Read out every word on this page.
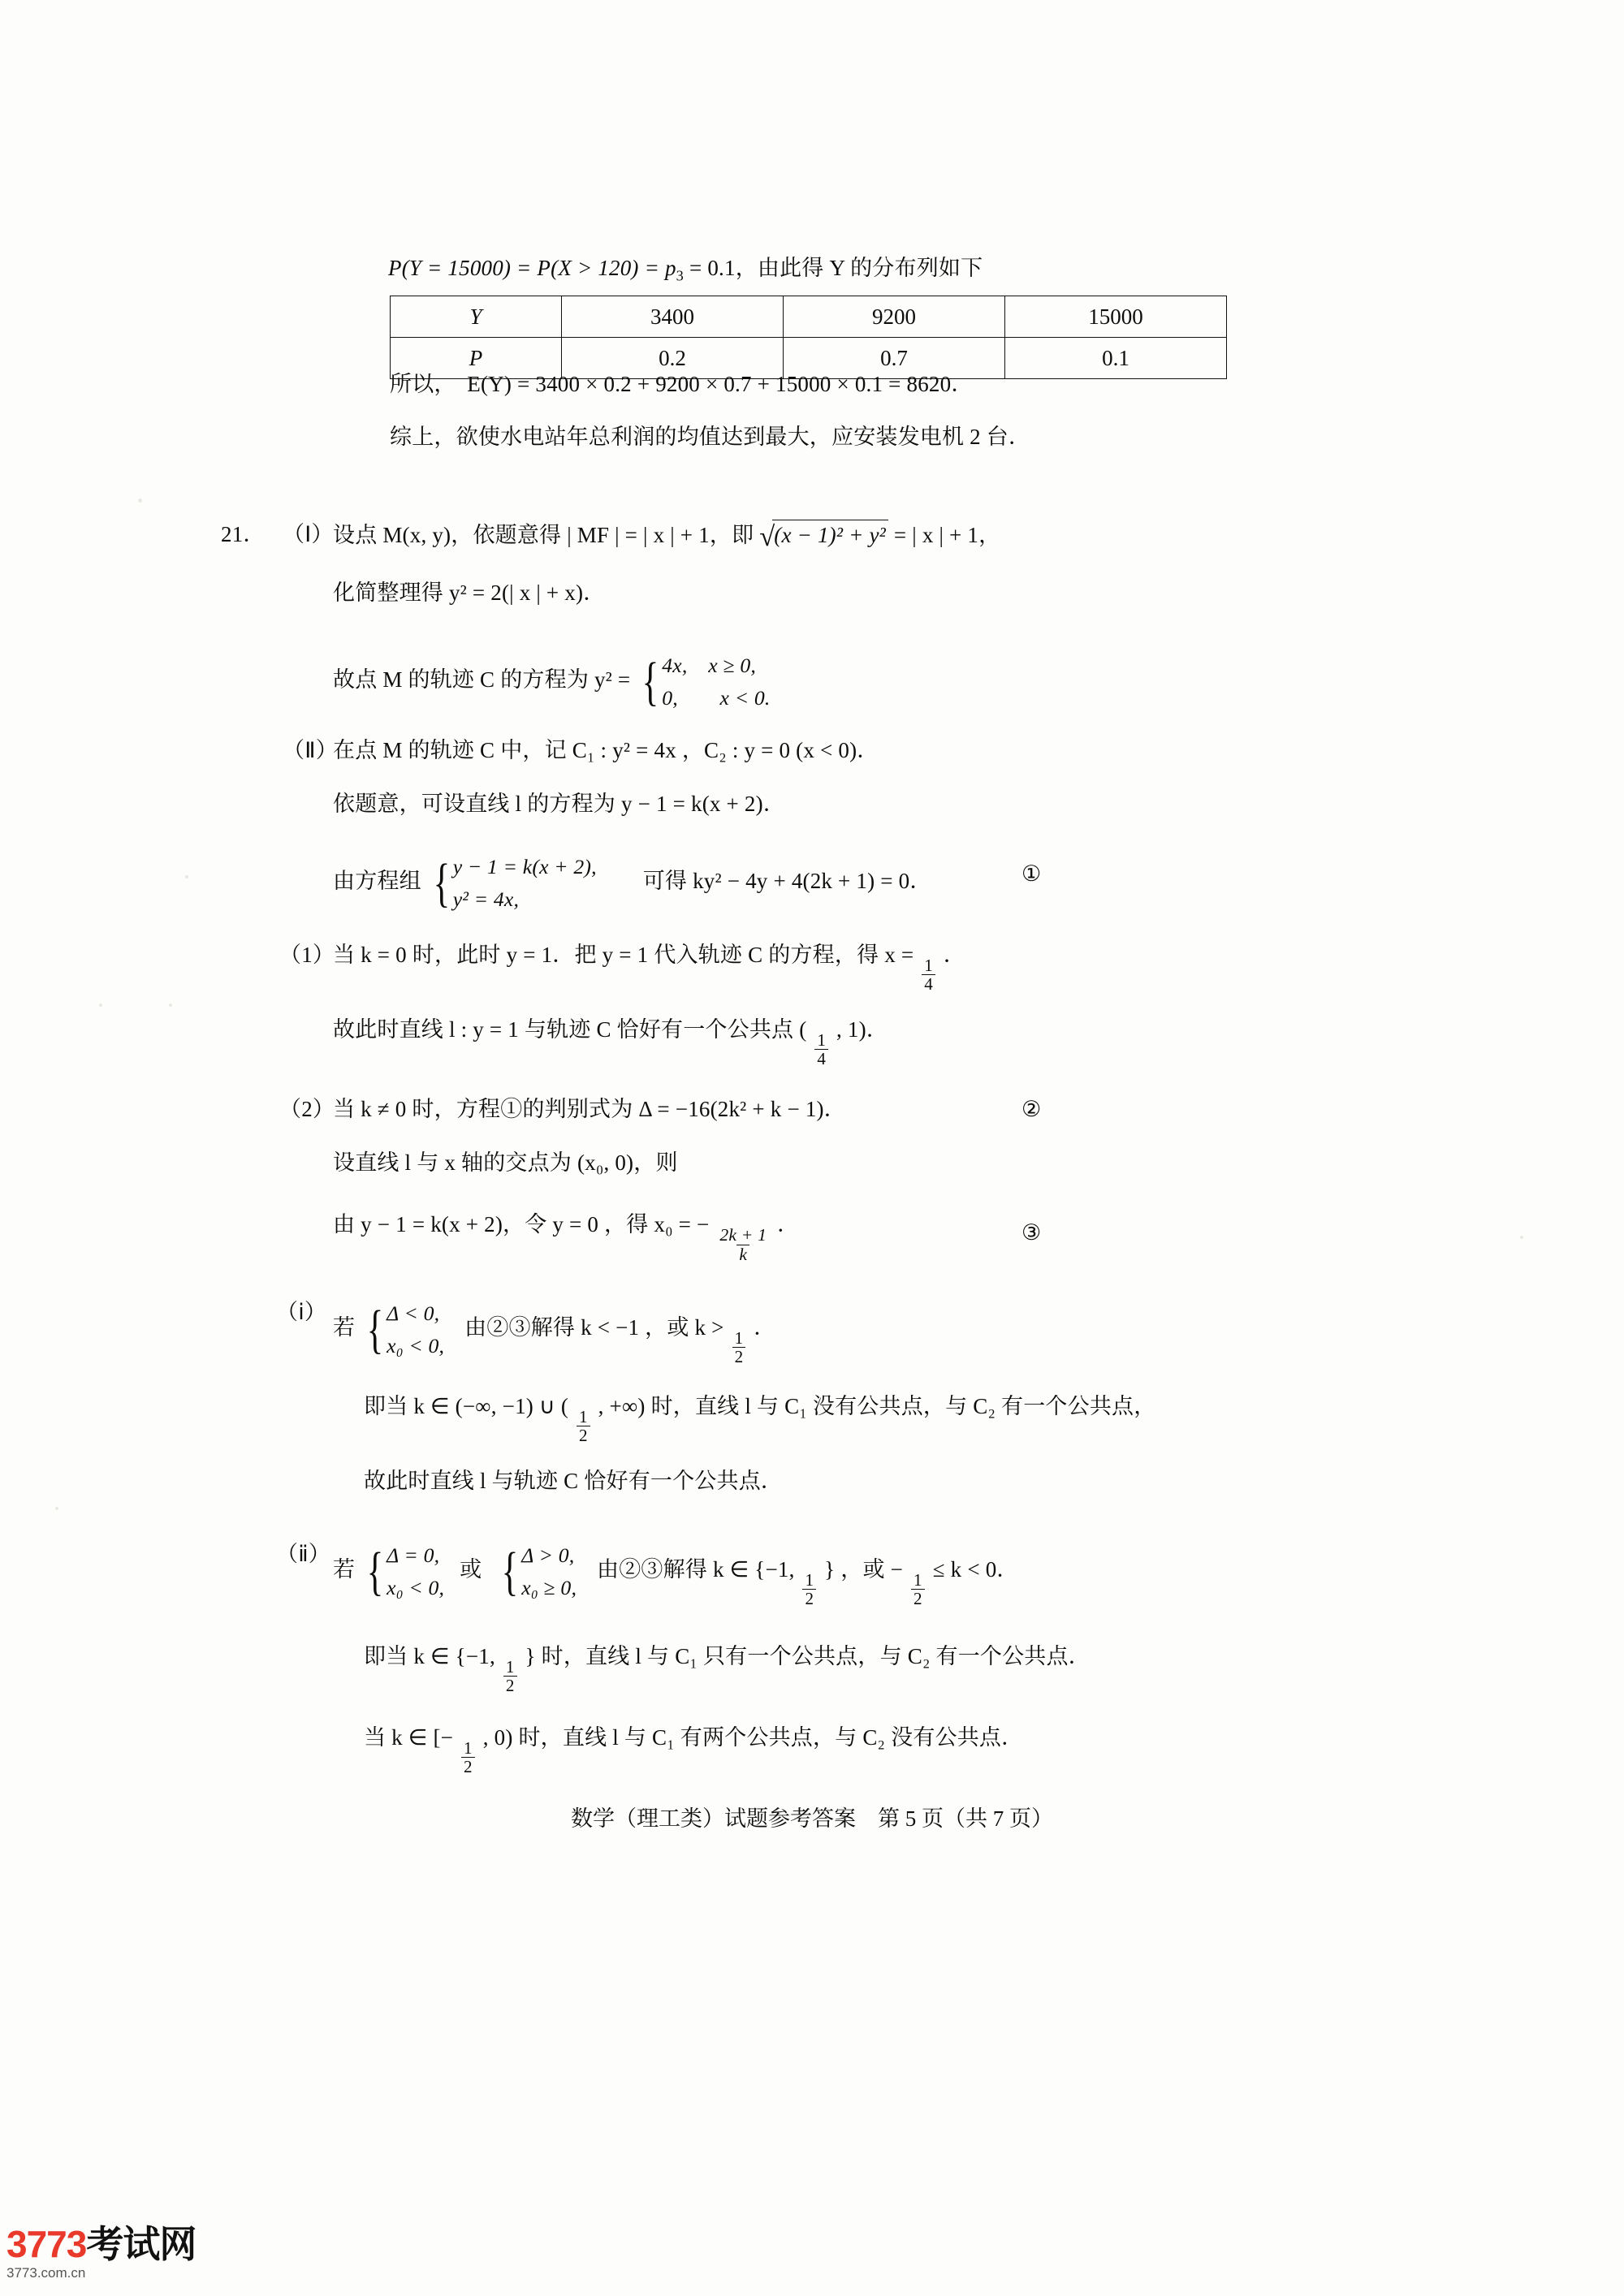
$P(Y = 15000) = P(X > 120) = p_3 = 0.1$，由此得 Y 的分布列如下
Y	3400	9200	15000
P	0.2	0.7	0.1
所以，　E(Y) = 3400 × 0.2 + 9200 × 0.7 + 15000 × 0.1 = 8620．
综上，欲使水电站年总利润的均值达到最大，应安装发电机 2 台．
21． （Ⅰ） 设点 M(x, y)，依题意得 | MF | = | x | + 1，即 √ (x − 1)² + y² = | x | + 1，
化简整理得 y² = 2(| x | + x)．
故点 M 的轨迹 C 的方程为 y² = { 4x,　x ≥ 0,
0,　　x < 0.
（Ⅱ）
在点 M 的轨迹 C 中，记 C₁ : y² = 4x ，C₂ : y = 0 (x < 0)．
依题意，可设直线 l 的方程为 y − 1 = k(x + 2)．
由方程组 { y − 1 = k(x + 2),
y² = 4x,
可得 ky² − 4y + 4(2k + 1) = 0．	①
（1）
当 k = 0 时，此时 y = 1．把 y = 1 代入轨迹 C 的方程，得 x =
$\frac{1}{4}$
．
故此时直线 l : y = 1 与轨迹 C 恰好有一个公共点 (
$\frac{1}{4}$
, 1)．
（2）
当 k ≠ 0 时，方程①的判别式为 Δ = −16(2k² + k − 1)．	②
设直线 l 与 x 轴的交点为 (x₀, 0)，则
由 y − 1 = k(x + 2)，令 y = 0 ，得 x₀ = −
$\frac{2k + 1}{k}$
．	③
（ⅰ）
若 { Δ < 0,
x₀ < 0,
由②③解得 k < −1 ，或 k >
$\frac{1}{2}$
．
即当 k ∈ (−∞, −1) ∪ (
$\frac{1}{2}$
, +∞) 时，直线 l 与 C₁ 没有公共点，与 C₂ 有一个公共点，
故此时直线 l 与轨迹 C 恰好有一个公共点．
（ⅱ）
若 { Δ = 0,
x₀ < 0,
或 { Δ > 0,
x₀ ≥ 0,
由②③解得 k ∈ {−1,
$\frac{1}{2}$
} ，或 −
$\frac{1}{2}$
≤ k < 0．
即当 k ∈ {−1,
$\frac{1}{2}$
} 时，直线 l 与 C₁ 只有一个公共点，与 C₂ 有一个公共点．
当 k ∈ [−
$\frac{1}{2}$
, 0) 时，直线 l 与 C₁ 有两个公共点，与 C₂ 没有公共点．
数学（理工类）试题参考答案　第 5 页（共 7 页）
3773考试网
3773.com.cn
